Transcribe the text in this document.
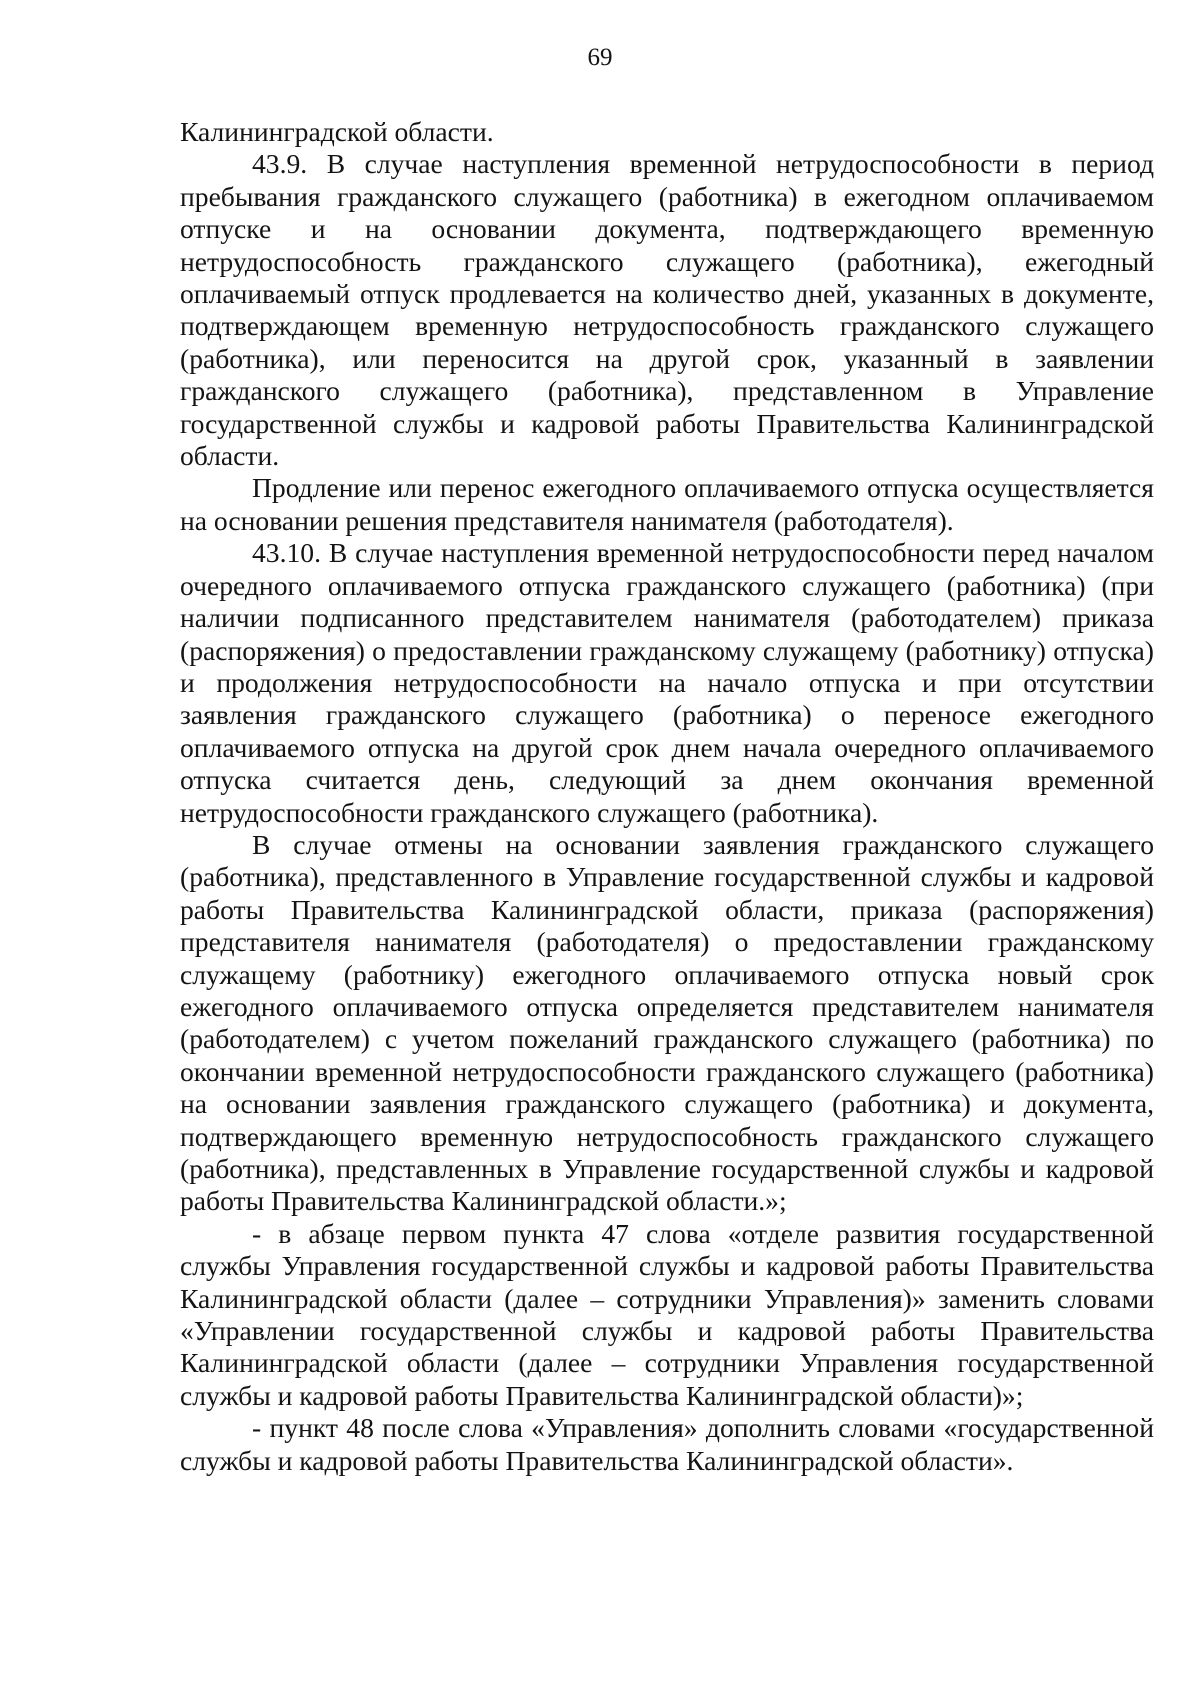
69

Калининградской области.

43.9. В случае наступления временной нетрудоспособности в период пребывания гражданского служащего (работника) в ежегодном оплачиваемом отпуске и на основании документа, подтверждающего временную нетрудоспособность гражданского служащего (работника), ежегодный оплачиваемый отпуск продлевается на количество дней, указанных в документе, подтверждающем временную нетрудоспособность гражданского служащего (работника), или переносится на другой срок, указанный в заявлении гражданского служащего (работника), представленном в Управление государственной службы и кадровой работы Правительства Калининградской области.

Продление или перенос ежегодного оплачиваемого отпуска осуществляется на основании решения представителя нанимателя (работодателя).

43.10. В случае наступления временной нетрудоспособности перед началом очередного оплачиваемого отпуска гражданского служащего (работника) (при наличии подписанного представителем нанимателя (работодателем) приказа (распоряжения) о предоставлении гражданскому служащему (работнику) отпуска) и продолжения нетрудоспособности на начало отпуска и при отсутствии заявления гражданского служащего (работника) о переносе ежегодного оплачиваемого отпуска на другой срок днем начала очередного оплачиваемого отпуска считается день, следующий за днем окончания временной нетрудоспособности гражданского служащего (работника).

В случае отмены на основании заявления гражданского служащего (работника), представленного в Управление государственной службы и кадровой работы Правительства Калининградской области, приказа (распоряжения) представителя нанимателя (работодателя) о предоставлении гражданскому служащему (работнику) ежегодного оплачиваемого отпуска новый срок ежегодного оплачиваемого отпуска определяется представителем нанимателя (работодателем) с учетом пожеланий гражданского служащего (работника) по окончании временной нетрудоспособности гражданского служащего (работника) на основании заявления гражданского служащего (работника) и документа, подтверждающего временную нетрудоспособность гражданского служащего (работника), представленных в Управление государственной службы и кадровой работы Правительства Калининградской области.»;

- в абзаце первом пункта 47 слова «отделе развития государственной службы Управления государственной службы и кадровой работы Правительства Калининградской области (далее – сотрудники Управления)» заменить словами «Управлении государственной службы и кадровой работы Правительства Калининградской области (далее – сотрудники Управления государственной службы и кадровой работы Правительства Калининградской области)»;

- пункт 48 после слова «Управления» дополнить словами «государственной службы и кадровой работы Правительства Калининградской области».
